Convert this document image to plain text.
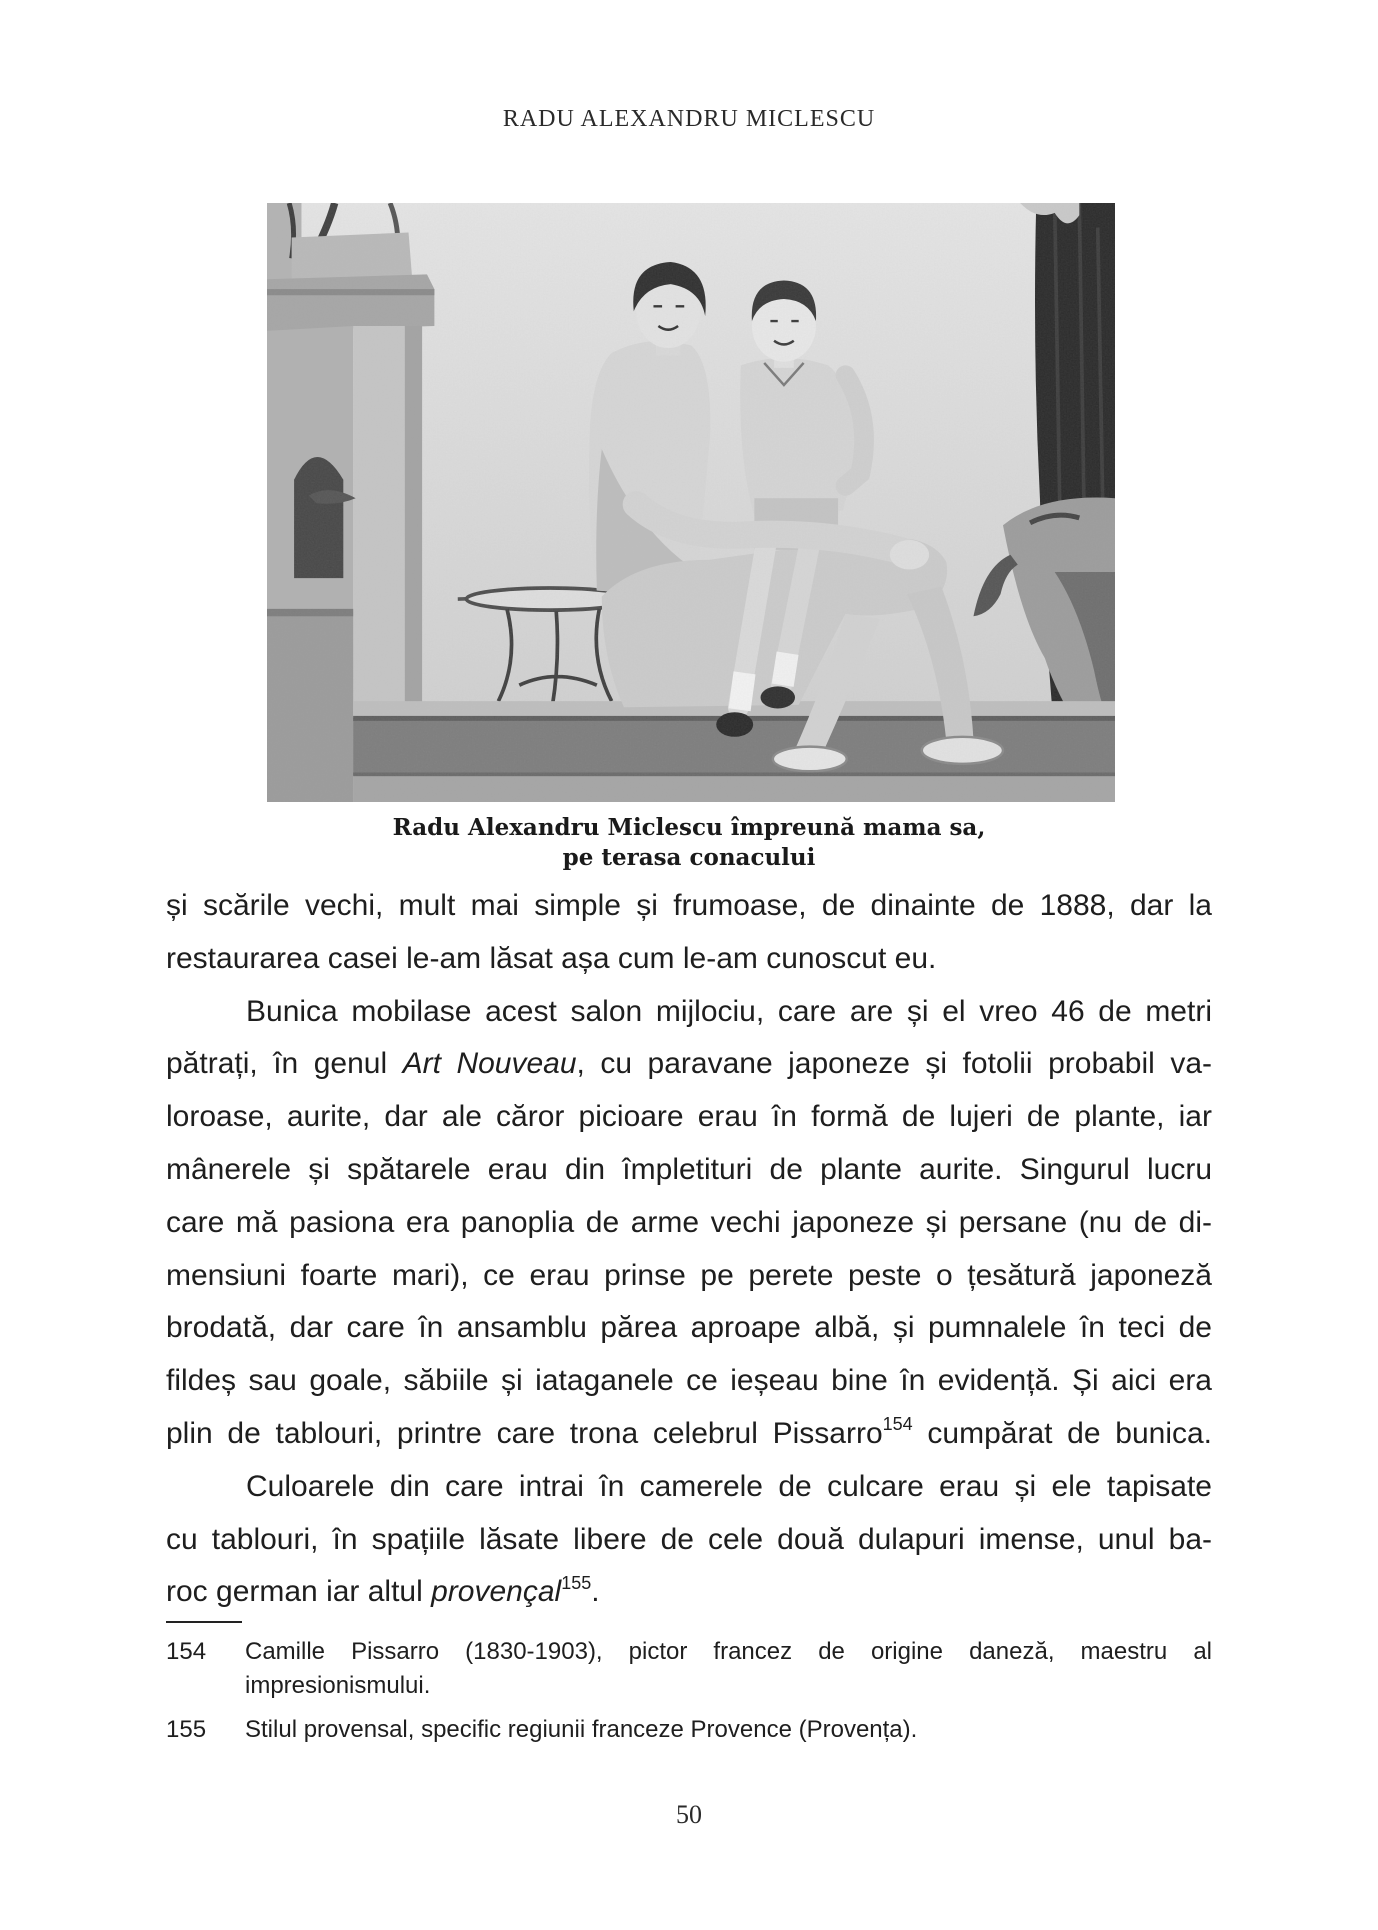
RADU ALEXANDRU MICLESCU
Radu Alexandru Miclescu împreună mama sa,
pe terasa conacului
și scările vechi, mult mai simple și frumoase, de dinainte de 1888, dar la
restaurarea casei le-am lăsat așa cum le-am cunoscut eu.
Bunica mobilase acest salon mijlociu, care are și el vreo 46 de metri
pătrați, în genul Art Nouveau, cu paravane japoneze și fotolii probabil va-
loroase, aurite, dar ale căror picioare erau în formă de lujeri de plante, iar
mânerele și spătarele erau din împletituri de plante aurite. Singurul lucru
care mă pasiona era panoplia de arme vechi japoneze și persane (nu de di-
mensiuni foarte mari), ce erau prinse pe perete peste o țesătură japoneză
brodată, dar care în ansamblu părea aproape albă, și pumnalele în teci de
fildeș sau goale, săbiile și iataganele ce ieșeau bine în evidență. Și aici era
plin de tablouri, printre care trona celebrul Pissarro$^{154}$ cumpărat de bunica.
Culoarele din care intrai în camerele de culcare erau și ele tapisate
cu tablouri, în spațiile lăsate libere de cele două dulapuri imense, unul ba-
roc german iar altul provençal$^{155}$.
154 Camille Pissarro (1830-1903), pictor francez de origine daneză, maestru al
impresionismului.
155 Stilul provensal, specific regiunii franceze Provence (Provența).
50
